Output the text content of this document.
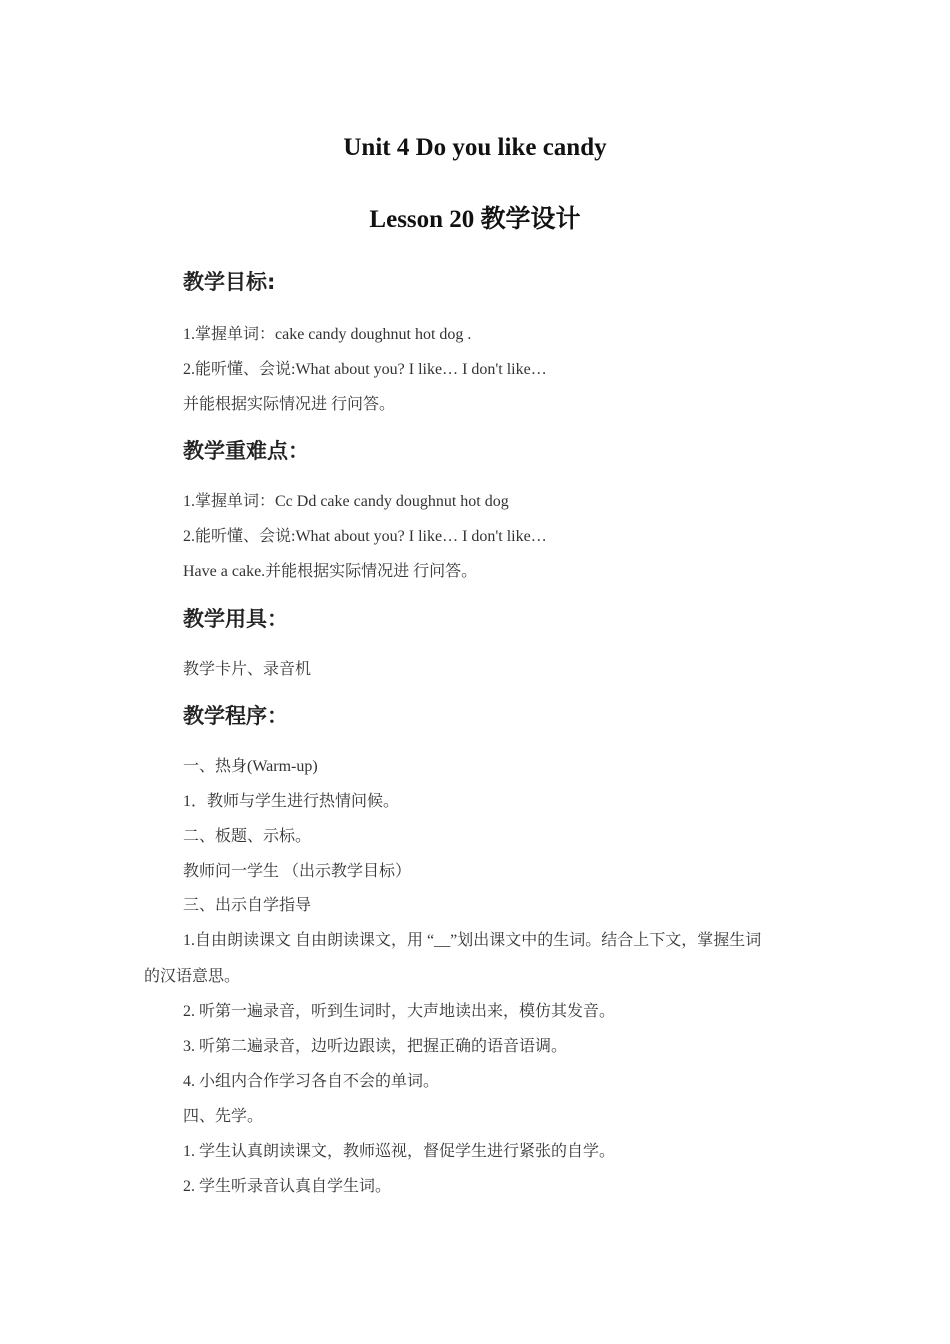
Unit 4 Do you like candy
Lesson 20 教学设计
教学目标:
1.掌握单词：cake candy doughnut hot dog .
2.能听懂、会说:What about you? I like… I don't like…
并能根据实际情况进 行问答。
教学重难点：
1.掌握单词：Cc Dd cake candy doughnut hot dog
2.能听懂、会说:What about you? I like… I don't like…
Have a cake.并能根据实际情况进 行问答。
教学用具：
教学卡片、录音机
教学程序：
一、热身(Warm-up)
1．教师与学生进行热情问候。
二、板题、示标。
教师问一学生 （出示教学目标）
三、出示自学指导
1.自由朗读课文 自由朗读课文，用 “__”划出课文中的生词。结合上下文，掌握生词
的汉语意思。
2. 听第一遍录音，听到生词时，大声地读出来，模仿其发音。
3. 听第二遍录音，边听边跟读，把握正确的语音语调。
4. 小组内合作学习各自不会的单词。
四、先学。
1. 学生认真朗读课文，教师巡视，督促学生进行紧张的自学。
2. 学生听录音认真自学生词。
